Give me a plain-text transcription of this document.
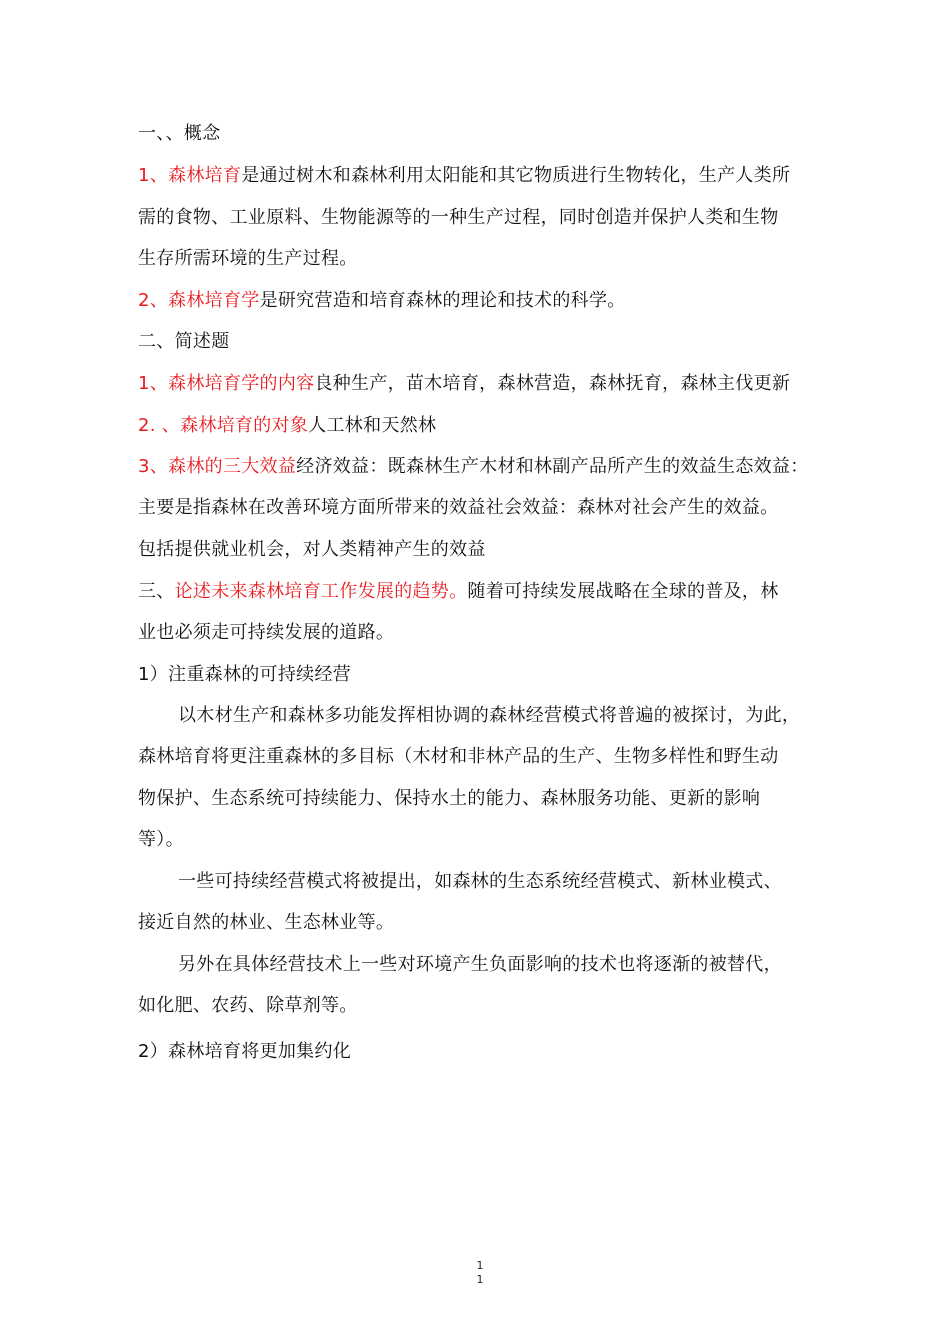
一、、概念
1、森林培育是通过树木和森林利用太阳能和其它物质进行生物转化，生产人类所
需的食物、工业原料、生物能源等的一种生产过程，同时创造并保护人类和生物
生存所需环境的生产过程。
2、森林培育学是研究营造和培育森林的理论和技术的科学。
二、简述题
1、森林培育学的内容良种生产，苗木培育，森林营造，森林抚育，森林主伐更新
2. 、森林培育的对象人工林和天然林
3、森林的三大效益经济效益：既森林生产木材和林副产品所产生的效益生态效益：
主要是指森林在改善环境方面所带来的效益社会效益：森林对社会产生的效益。
包括提供就业机会，对人类精神产生的效益
三、论述未来森林培育工作发展的趋势。随着可持续发展战略在全球的普及，林
业也必须走可持续发展的道路。
1）注重森林的可持续经营
以木材生产和森林多功能发挥相协调的森林经营模式将普遍的被探讨，为此，
森林培育将更注重森林的多目标（木材和非林产品的生产、生物多样性和野生动
物保护、生态系统可持续能力、保持水土的能力、森林服务功能、更新的影响
等）。
一些可持续经营模式将被提出，如森林的生态系统经营模式、新林业模式、
接近自然的林业、生态林业等。
另外在具体经营技术上一些对环境产生负面影响的技术也将逐渐的被替代，
如化肥、农药、除草剂等。
2）森林培育将更加集约化
1
1
